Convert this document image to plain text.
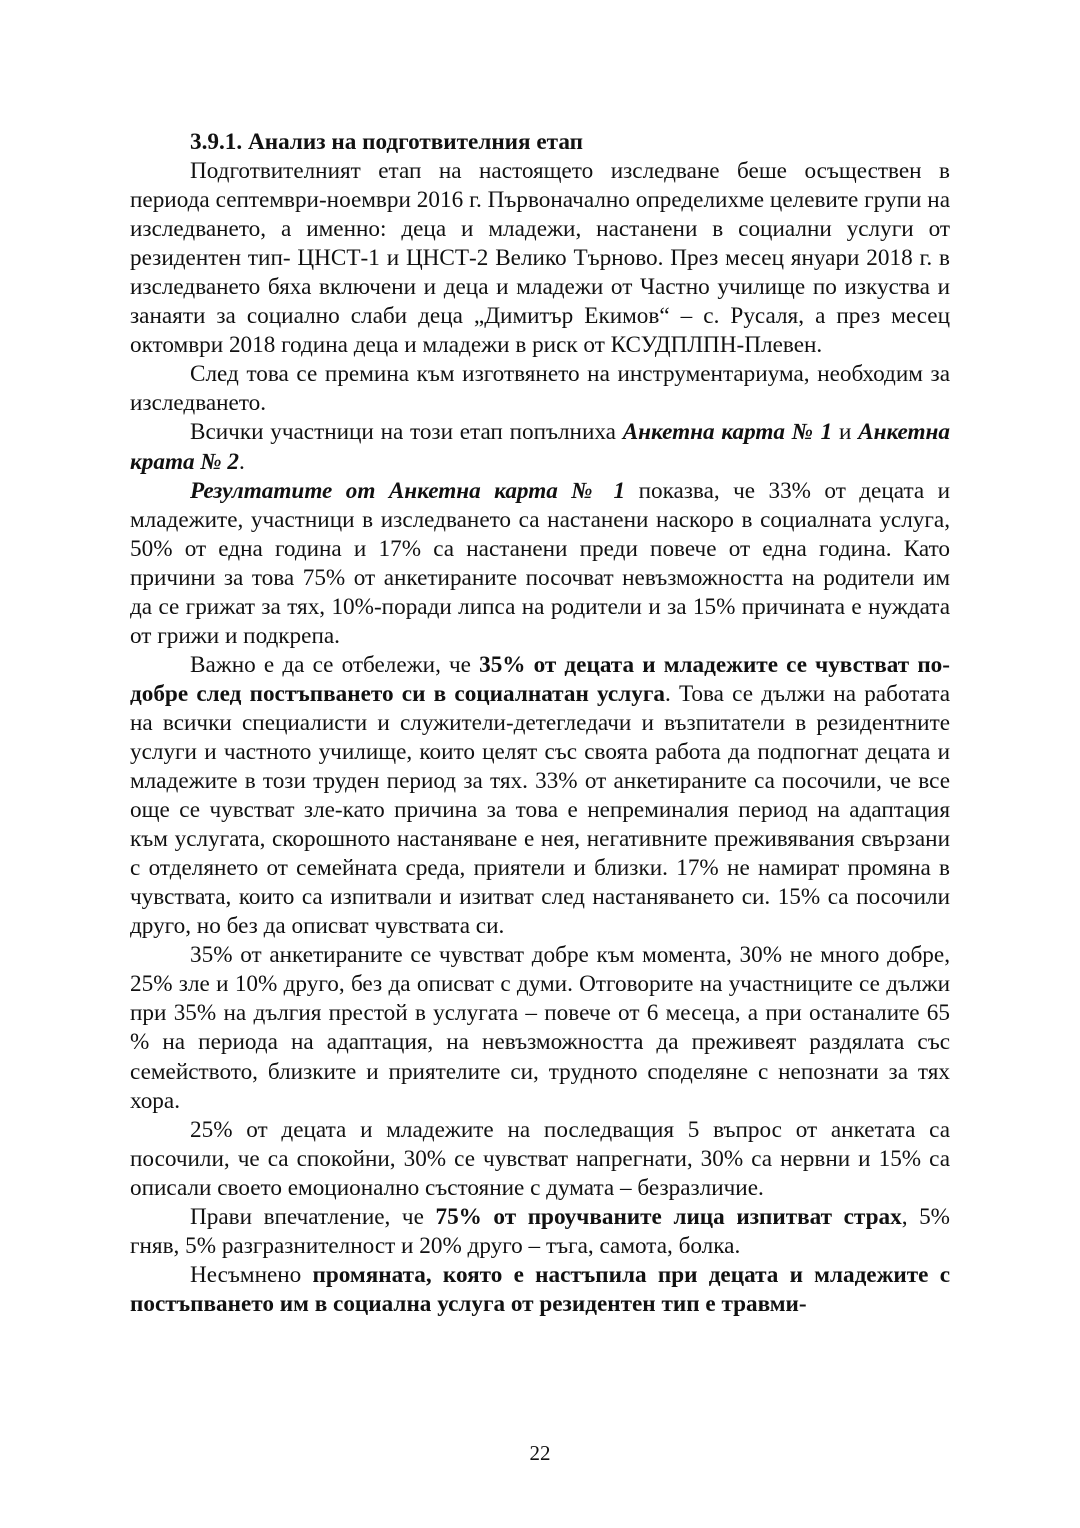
3.9.1. Анализ на подготвителния етап

Подготвителният етап на настоящето изследване беше осъществен в периода септември-ноември 2016 г. Първоначално определихме целевите групи на изследването, а именно: деца и младежи, настанени в социални услуги от резидентен тип- ЦНСТ-1 и ЦНСТ-2 Велико Търново. През месец януари 2018 г. в изследването бяха включени и деца и младежи от Частно училище по изкуства и занаяти за социално слаби деца „Димитър Екимов“ – с. Русаля, а през месец октомври 2018 година деца и младежи в риск от КСУДПЛПН-Плевен.

След това се премина към изготвянето на инструментариума, необходим за изследването.

Всички участници на този етап попълниха Анкетна карта № 1 и Анкетна крата № 2.

Резултатите от Анкетна карта № 1 показва, че 33% от децата и младежите, участници в изследването са настанени наскоро в социалната услуга, 50% от една година и 17% са настанени преди повече от една година. Като причини за това 75% от анкетираните посочват невъзможността на родители им да се грижат за тях, 10%-поради липса на родители и за 15% причината е нуждата от грижи и подкрепа.

Важно е да се отбележи, че 35% от децата и младежите се чувстват по-добре след постъпването си в социалнатан услуга. Това се дължи на работата на всички специалисти и служители-детегледачи и възпитатели в резидентните услуги и частното училище, които целят със своята работа да подпогнат децата и младежите в този труден период за тях. 33% от анкетираните са посочили, че все още се чувстват зле-като причина за това е непреминалия период на адаптация към услугата, скорошното настаняване е нея, негативните преживявания свързани с отделянето от семейната среда, приятели и близки. 17% не намират промяна в чувствата, които са изпитвали и изитват след настаняването си. 15% са посочили друго, но без да описват чувствата си.

35% от анкетираните се чувстват добре към момента, 30% не много добре, 25% зле и 10% друго, без да описват с думи. Отговорите на участниците се дължи при 35% на дългия престой в услугата – повече от 6 месеца, а при останалите 65 % на периода на адаптация, на невъзможността да преживеят раздялата със семейството, близките и приятелите си, трудното споделяне с непознати за тях хора.

25% от децата и младежите на последващия 5 въпрос от анкетата са посочили, че са спокойни, 30% се чувстват напрегнати, 30% са нервни и 15% са описали своето емоционално състояние с думата – безразличие.

Прави впечатление, че 75% от проучваните лица изпитват страх, 5% гняв, 5% разгразнителност и 20% друго – тъга, самота, болка.

Несъмнено промяната, която е настъпила при децата и младежите с постъпването им в социална услуга от резидентен тип е травми-

22
